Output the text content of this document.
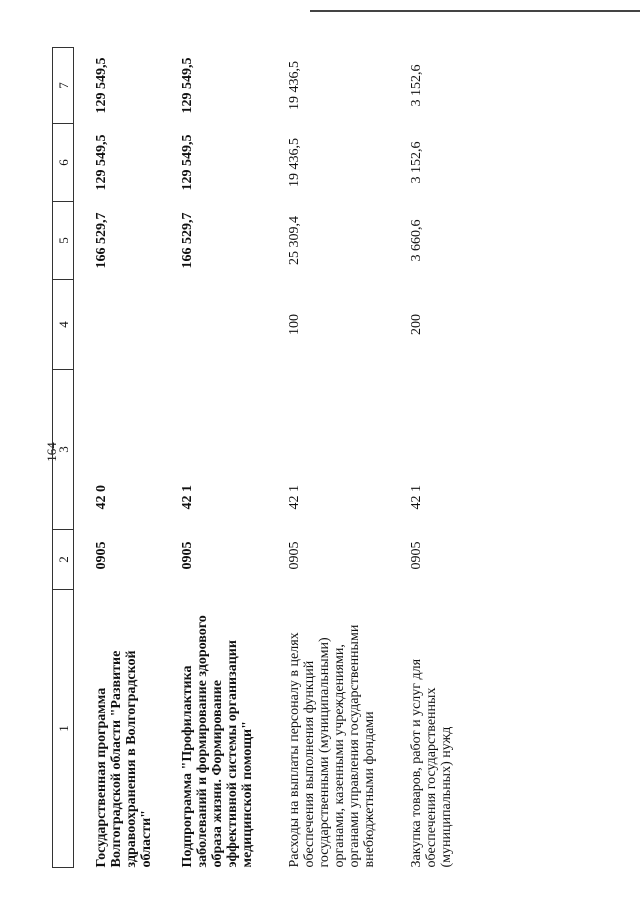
164
1	2	3	4	5	6	7
Государственная программа Волгоградской области "Развитие здравоохранения в Волгоградской области"	0905	42 0		166 529,7	129 549,5	129 549,5
Подпрограмма "Профилактика заболеваний и формирование здорового образа жизни. Формирование эффективной системы организации медицинской помощи"	0905	42 1		166 529,7	129 549,5	129 549,5
Расходы на выплаты персоналу в целях обеспечения выполнения функций государственными (муниципальными) органами, казенными учреждениями, органами управления государственными внебюджетными фондами	0905	42 1	100	25 309,4	19 436,5	19 436,5
Закупка товаров, работ и услуг для обеспечения государственных (муниципальных) нужд	0905	42 1	200	3 660,6	3 152,6	3 152,6
